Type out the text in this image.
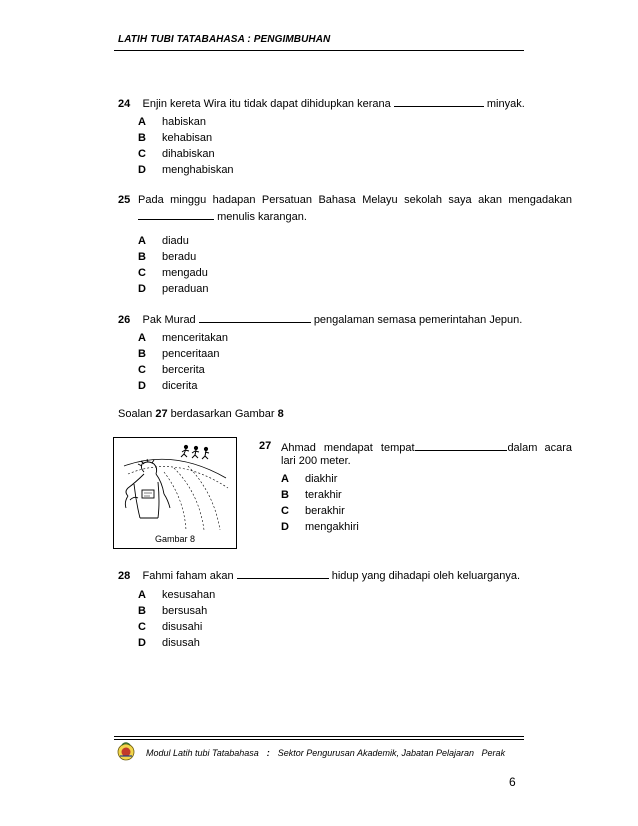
LATIH TUBI TATABAHASA : PENGIMBUHAN
24 Enjin kereta Wira itu tidak dapat dihidupkan kerana	minyak.
A habiskan
B kehabisan
C dihabiskan
D menghabiskan
25 Pada minggu hadapan Persatuan Bahasa Melayu sekolah saya akan mengadakan
menulis karangan.
A diadu
B beradu
C mengadu
D peraduan
26 Pak Murad	pengalaman semasa pemerintahan Jepun.
A menceritakan
B penceritaan
C bercerita
D dicerita
Soalan 27 berdasarkan Gambar 8
Gambar 8
27 Ahmad mendapat tempat	dalam acara
lari 200 meter.
A diakhir
B terakhir
C berakhir
D mengakhiri
28 Fahmi faham akan	hidup yang dihadapi oleh keluarganya.
A kesusahan
B bersusah
C disusahi
D disusah
Modul Latih tubi Tatabahasa : Sektor Pengurusan Akademik, Jabatan Pelajaran   Perak
6
